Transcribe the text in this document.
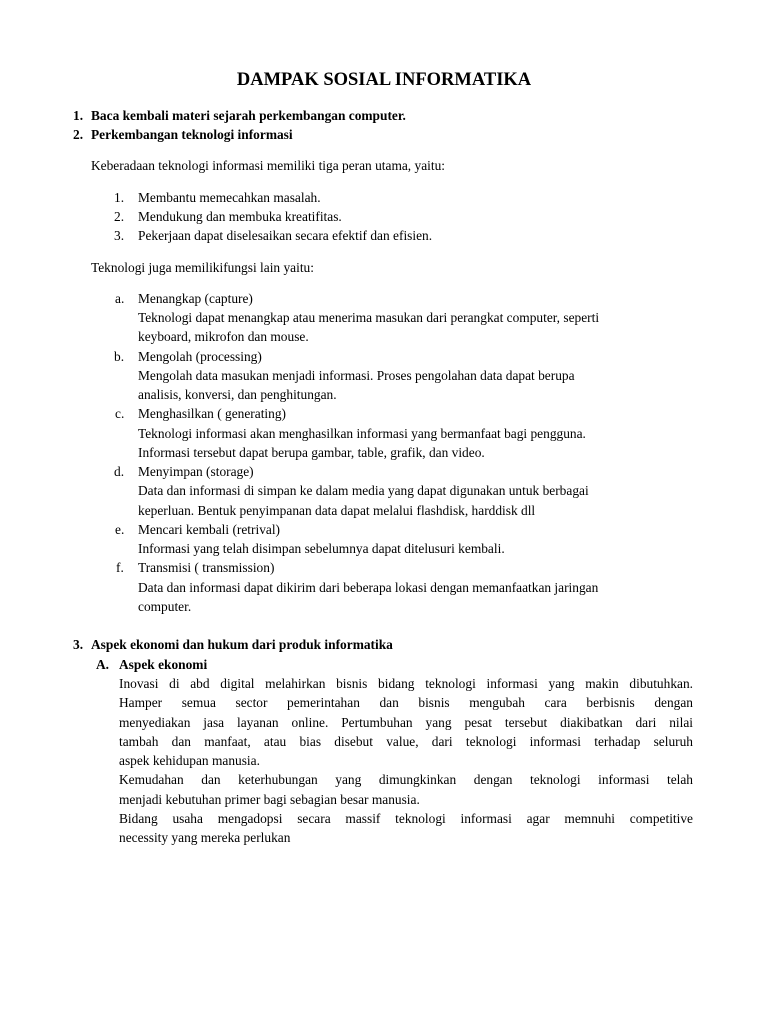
DAMPAK SOSIAL INFORMATIKA
1. Baca kembali materi sejarah perkembangan computer.
2. Perkembangan teknologi informasi
Keberadaan teknologi informasi memiliki tiga peran utama, yaitu:
1. Membantu memecahkan masalah.
2. Mendukung dan membuka kreatifitas.
3. Pekerjaan dapat diselesaikan secara efektif dan efisien.
Teknologi juga memilikifungsi lain yaitu:
a. Menangkap (capture)
Teknologi dapat menangkap atau menerima masukan dari perangkat computer, seperti
keyboard, mikrofon dan mouse.
b. Mengolah (processing)
Mengolah data masukan menjadi informasi. Proses pengolahan data dapat berupa
analisis, konversi, dan penghitungan.
c. Menghasilkan ( generating)
Teknologi informasi akan menghasilkan informasi yang bermanfaat bagi pengguna.
Informasi tersebut dapat berupa gambar, table, grafik, dan video.
d. Menyimpan (storage)
Data dan informasi di simpan ke dalam media yang dapat digunakan untuk berbagai
keperluan. Bentuk penyimpanan data dapat melalui flashdisk, harddisk dll
e. Mencari kembali (retrival)
Informasi yang telah disimpan sebelumnya dapat ditelusuri kembali.
f. Transmisi ( transmission)
Data dan informasi dapat dikirim dari beberapa lokasi dengan memanfaatkan jaringan
computer.
3. Aspek ekonomi dan hukum dari produk informatika
A. Aspek ekonomi
Inovasi di abd digital melahirkan bisnis bidang teknologi informasi yang makin dibutuhkan.
Hamper semua sector pemerintahan dan bisnis mengubah cara berbisnis dengan
menyediakan jasa layanan online. Pertumbuhan yang pesat tersebut diakibatkan dari nilai
tambah dan manfaat, atau bias disebut value, dari teknologi informasi terhadap seluruh
aspek kehidupan manusia.
Kemudahan dan keterhubungan yang dimungkinkan dengan teknologi informasi telah
menjadi kebutuhan primer bagi sebagian besar manusia.
Bidang usaha mengadopsi secara massif teknologi informasi agar memnuhi competitive
necessity yang mereka perlukan
